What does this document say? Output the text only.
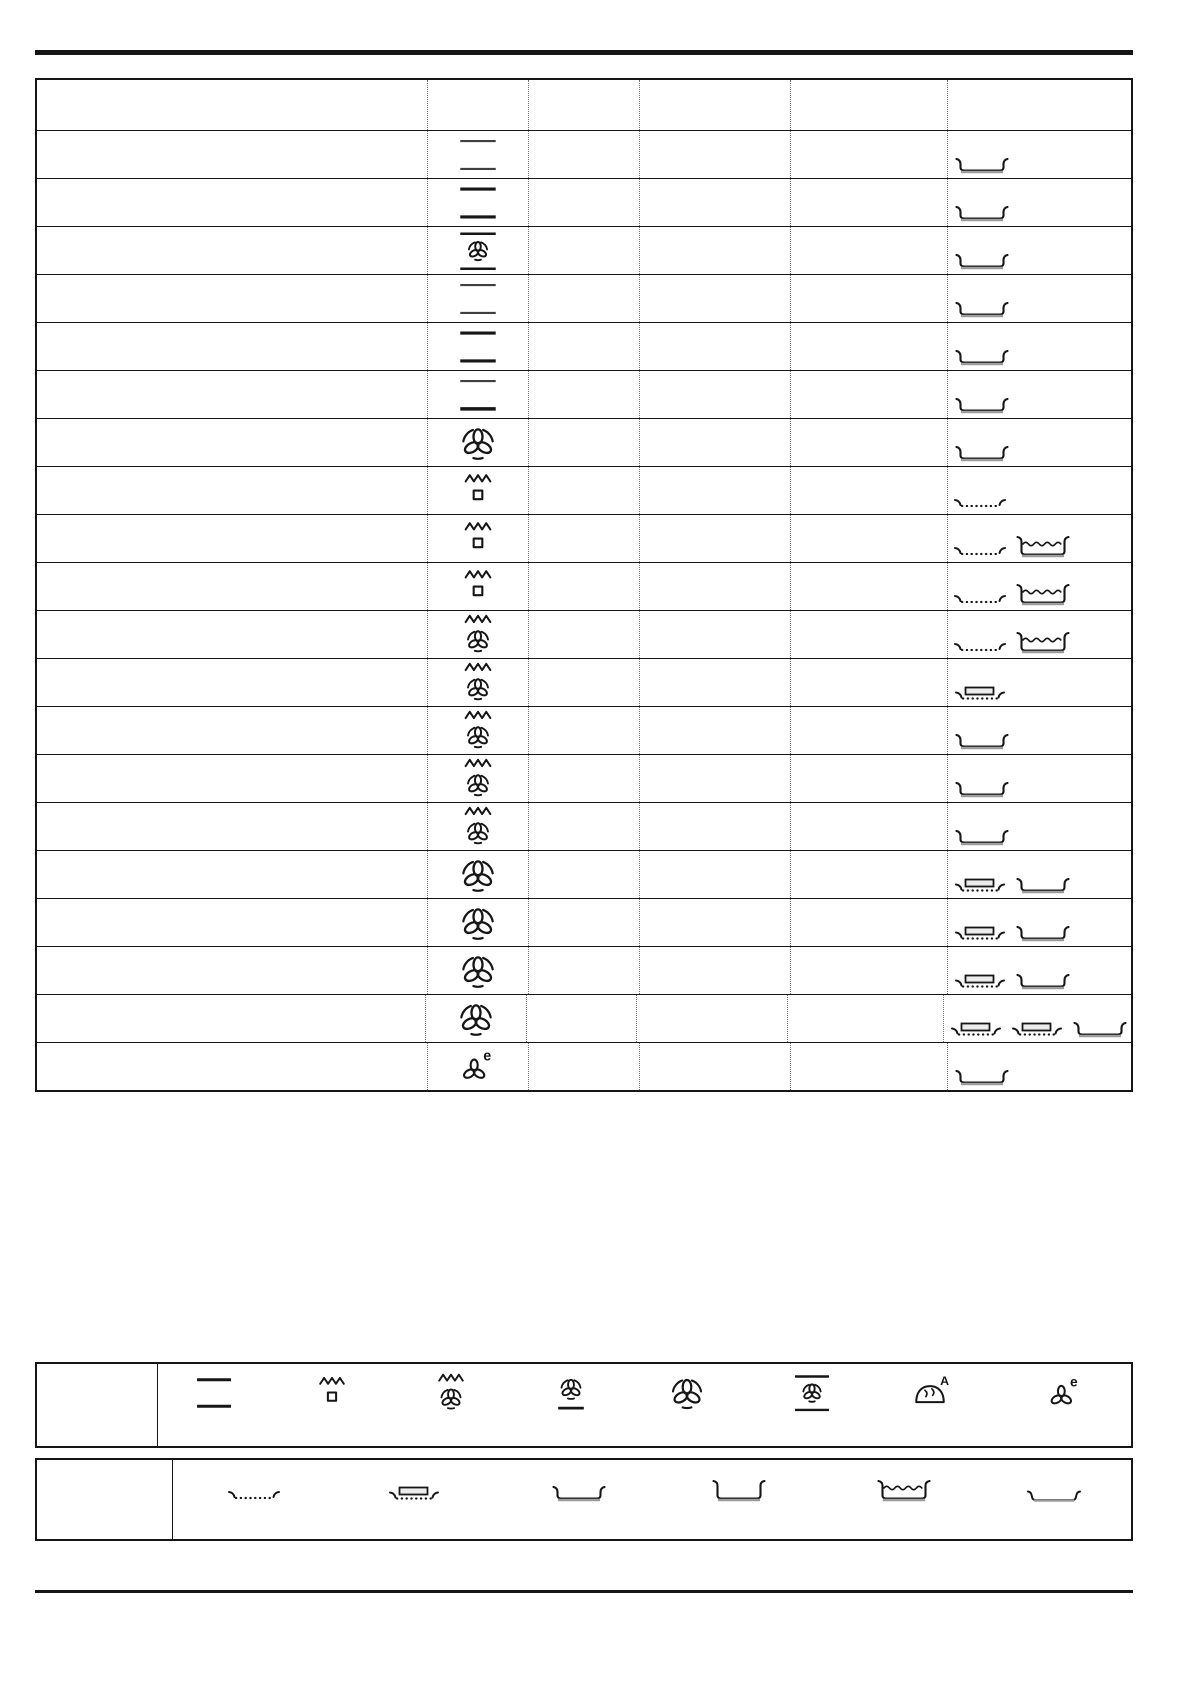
e
A	e
